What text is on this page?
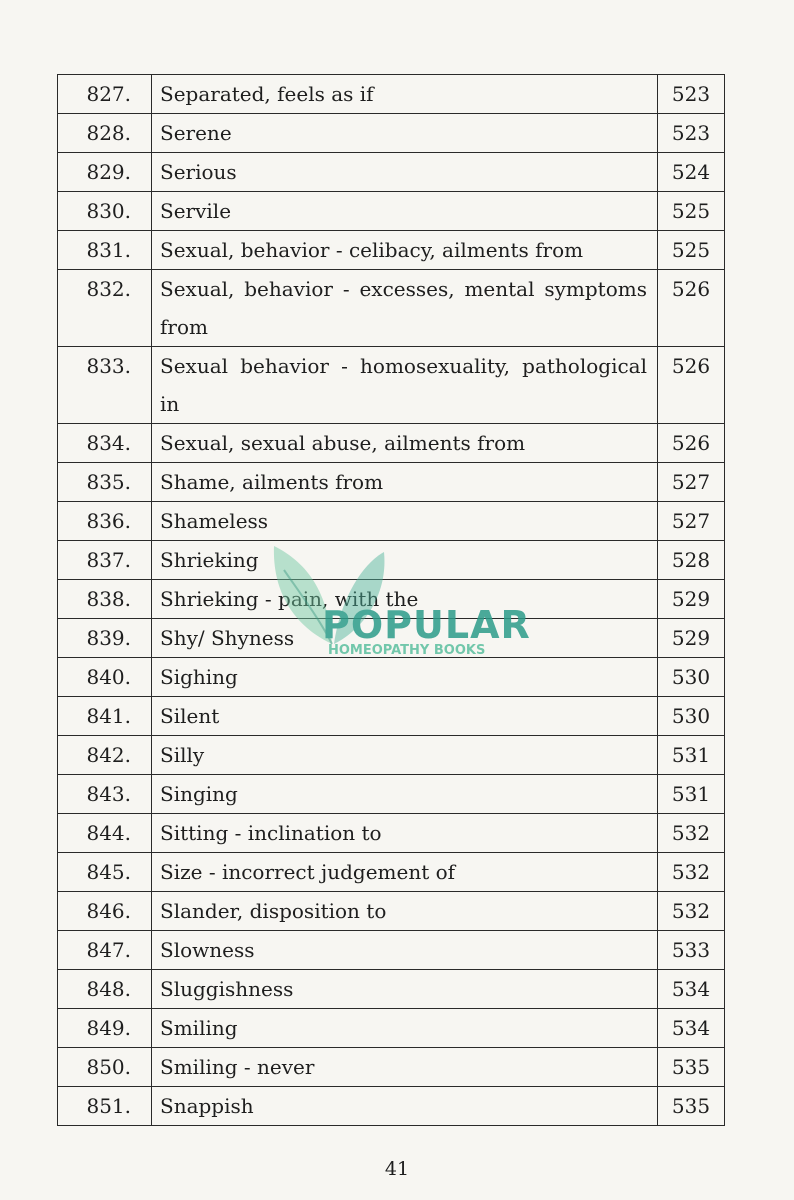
827.	Separated, feels as if	523
828.	Serene	523
829.	Serious	524
830.	Servile	525
831.	Sexual, behavior - celibacy, ailments from	525
832.	Sexual, behavior - excesses, mental symptoms from	526
833.	Sexual behavior - homosexuality, pathological in	526
834.	Sexual, sexual abuse, ailments from	526
835.	Shame, ailments from	527
836.	Shameless	527
837.	Shrieking	528
838.	Shrieking - pain, with the	529
839.	Shy/ Shyness	529
840.	Sighing	530
841.	Silent	530
842.	Silly	531
843.	Singing	531
844.	Sitting - inclination to	532
845.	Size - incorrect judgement of	532
846.	Slander, disposition to	532
847.	Slowness	533
848.	Sluggishness	534
849.	Smiling	534
850.	Smiling - never	535
851.	Snappish	535
POPULAR
HOMEOPATHY BOOKS
41
